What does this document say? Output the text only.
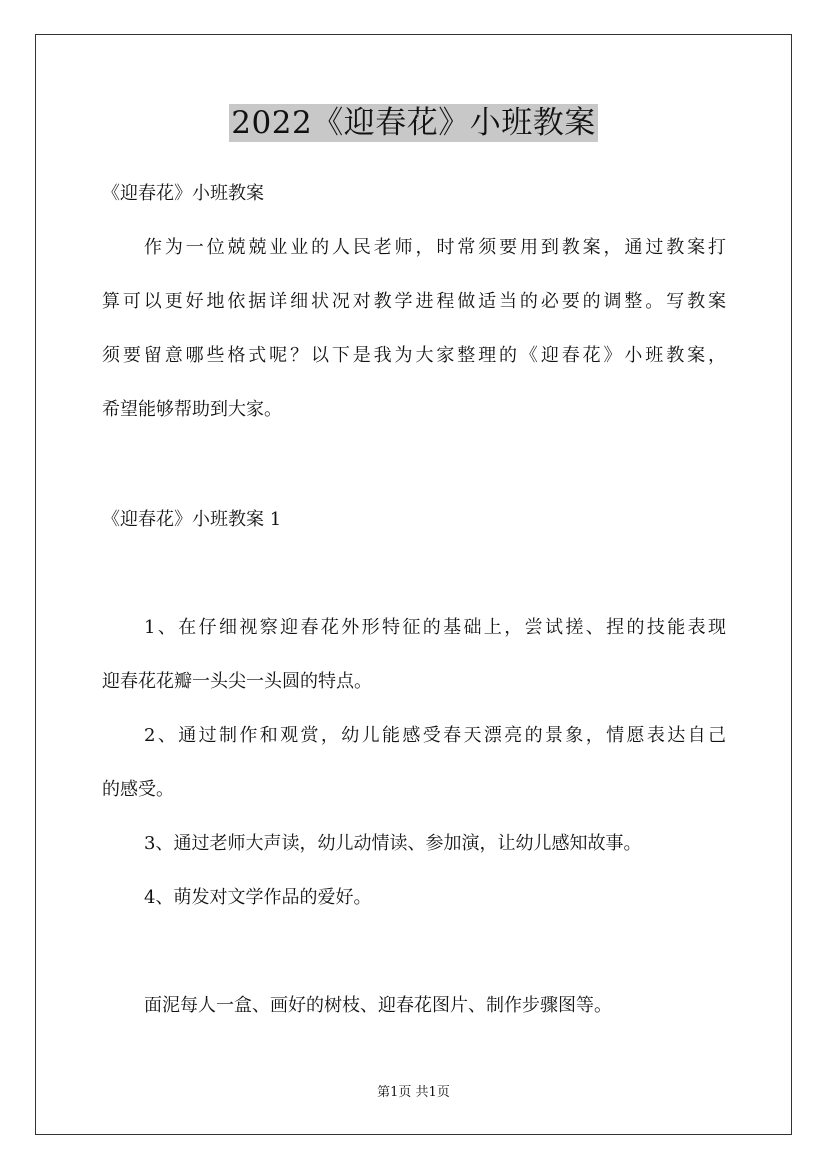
2022《迎春花》小班教案
《迎春花》小班教案
作为一位兢兢业业的人民老师，时常须要用到教案，通过教案打
算可以更好地依据详细状况对教学进程做适当的必要的调整。写教案
须要留意哪些格式呢？以下是我为大家整理的《迎春花》小班教案，
希望能够帮助到大家。
《迎春花》小班教案 1
1、在仔细视察迎春花外形特征的基础上，尝试搓、捏的技能表现
迎春花花瓣一头尖一头圆的特点。
2、通过制作和观赏，幼儿能感受春天漂亮的景象，情愿表达自己
的感受。
3、通过老师大声读，幼儿动情读、参加演，让幼儿感知故事。
4、萌发对文学作品的爱好。
面泥每人一盒、画好的树枝、迎春花图片、制作步骤图等。
第1页 共1页
